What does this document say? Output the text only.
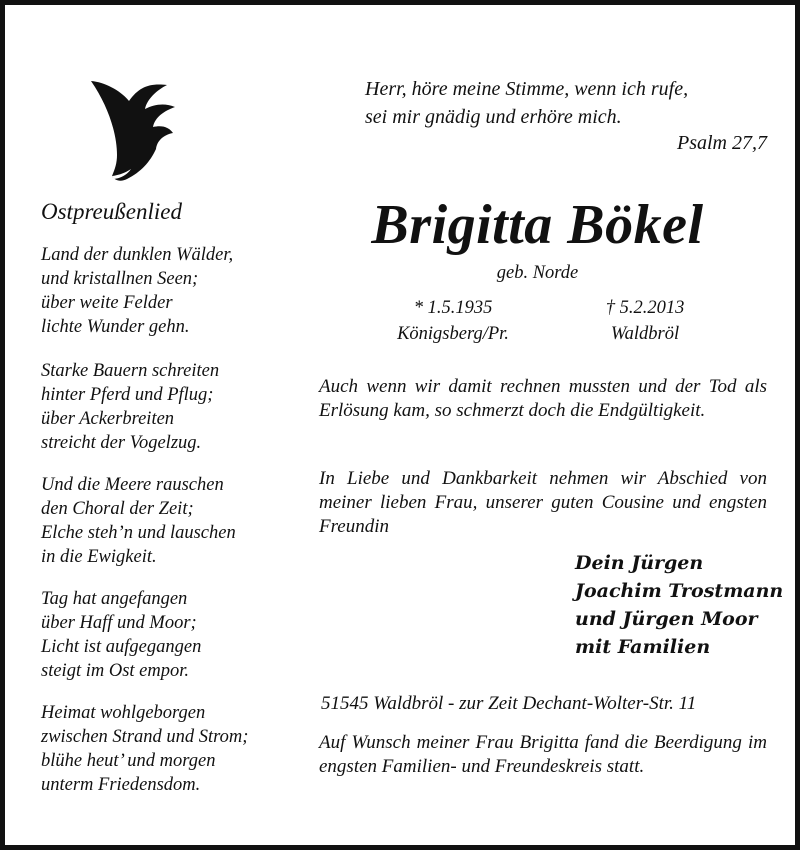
Herr, höre meine Stimme, wenn ich rufe,
sei mir gnädig und erhöre mich.
Psalm 27,7
Ostpreußenlied
Land der dunklen Wälder,
und kristallnen Seen;
über weite Felder
lichte Wunder gehn.
Starke Bauern schreiten
hinter Pferd und Pflug;
über Ackerbreiten
streicht der Vogelzug.
Und die Meere rauschen
den Choral der Zeit;
Elche steh’n und lauschen
in die Ewigkeit.
Tag hat angefangen
über Haff und Moor;
Licht ist aufgegangen
steigt im Ost empor.
Heimat wohlgeborgen
zwischen Strand und Strom;
blühe heut’ und morgen
unterm Friedensdom.
Brigitta Bökel
geb. Norde
* 1.5.1935
Königsberg/Pr.
† 5.2.2013
Waldbröl
Auch wenn wir damit rechnen mussten und der Tod als Erlösung kam, so schmerzt doch die Endgültigkeit.
In Liebe und Dankbarkeit nehmen wir Abschied von meiner lieben Frau, unserer guten Cousine und engsten Freundin
Dein Jürgen
Joachim Trostmann
und Jürgen Moor
mit Familien
51545 Waldbröl - zur Zeit Dechant-Wolter-Str. 11
Auf Wunsch meiner Frau Brigitta fand die Beerdigung im engsten Familien- und Freundeskreis statt.
